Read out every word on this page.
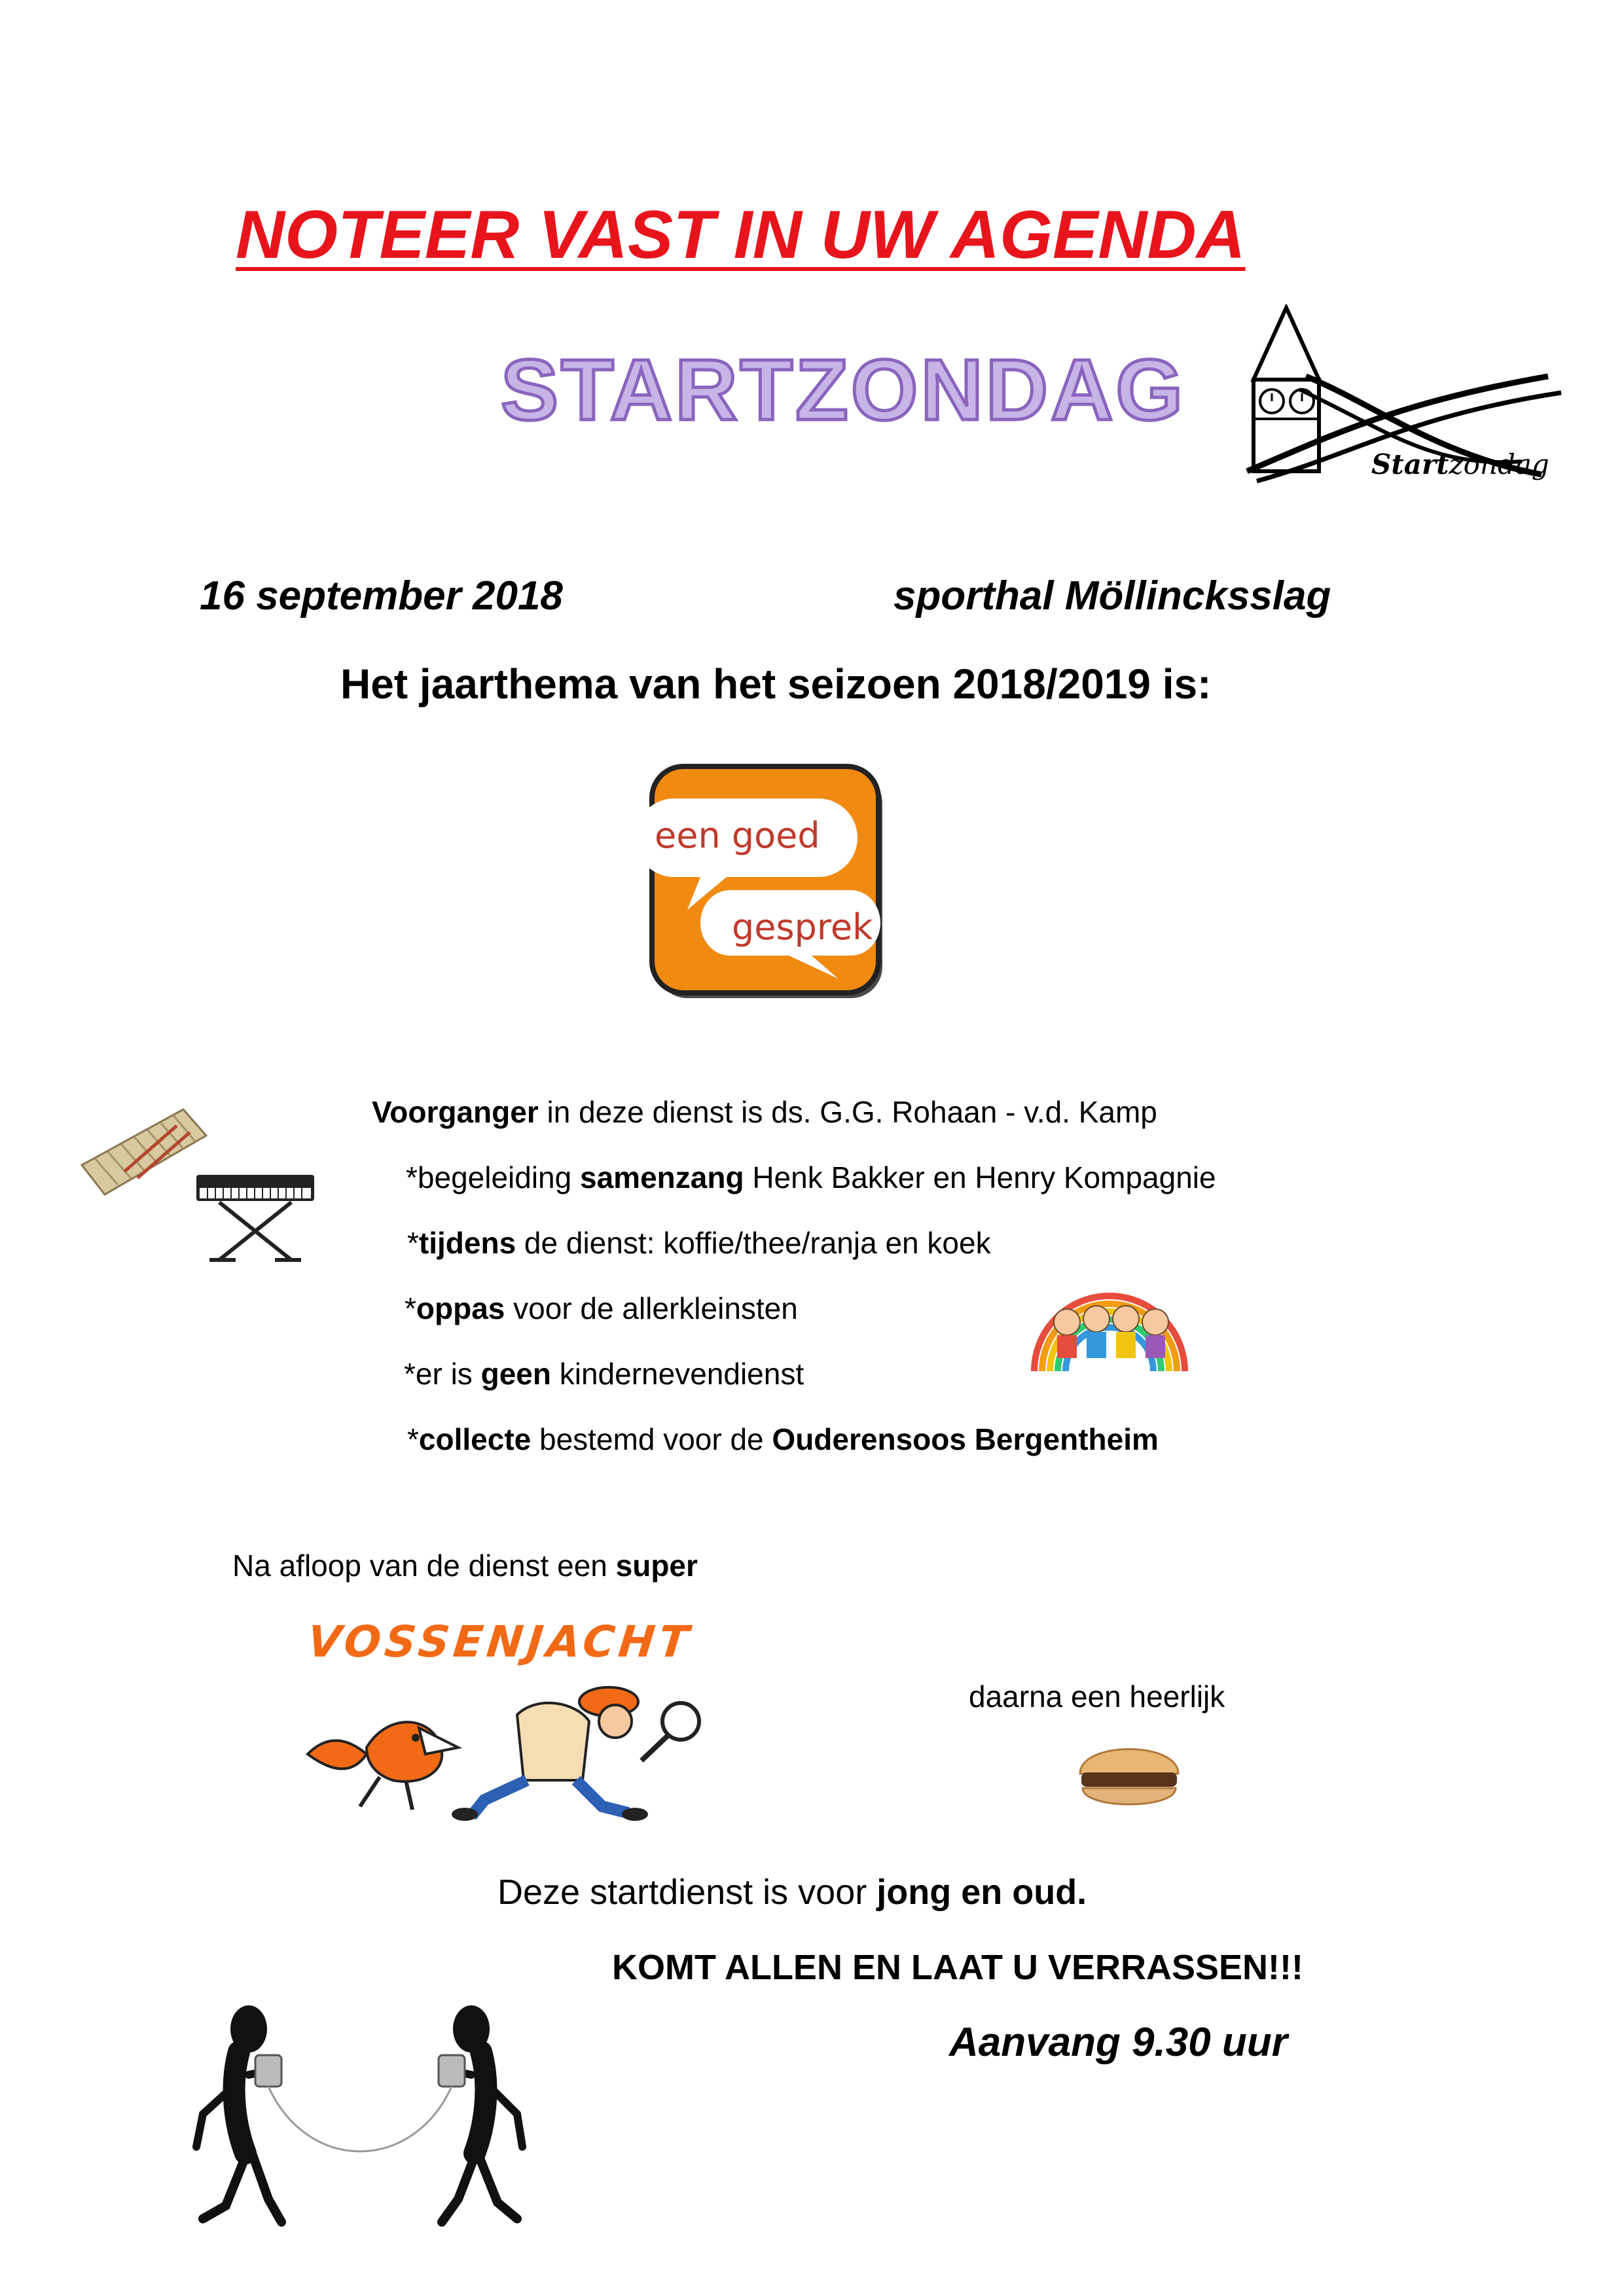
NOTEER VAST IN UW AGENDA
STARTZONDAG
Startzondag
16 september 2018	sporthal Möllincksslag
Het jaarthema van het seizoen 2018/2019 is:
een goed
gesprek
Voorganger in deze dienst is ds. G.G. Rohaan - v.d. Kamp
*begeleiding samenzang Henk Bakker en Henry Kompagnie
*tijdens de dienst: koffie/thee/ranja en koek
*oppas voor de allerkleinsten
*er is geen kindernevendienst
*collecte bestemd voor de Ouderensoos Bergentheim
Na afloop van de dienst een super
VOSSENJACHT
daarna een heerlijk
Deze startdienst is voor jong en oud.
KOMT ALLEN EN LAAT U VERRASSEN!!!
Aanvang 9.30 uur
